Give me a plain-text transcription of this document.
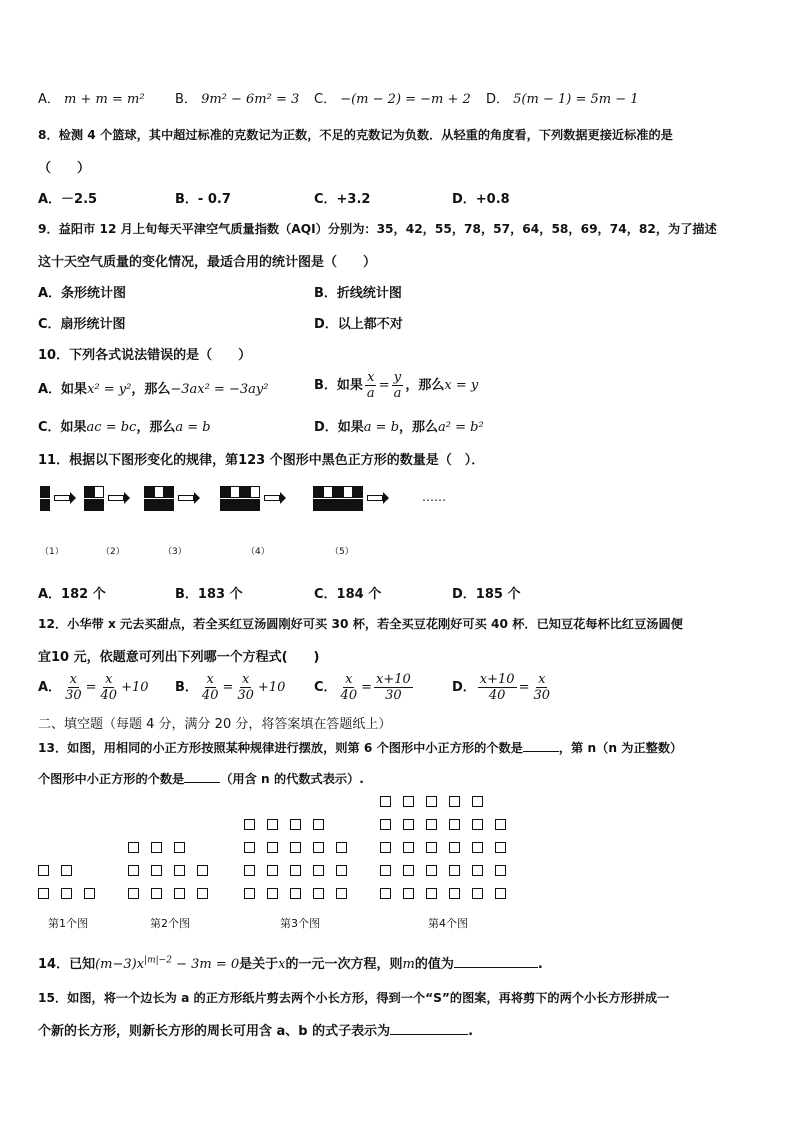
A． m + m = m² B． 9m² − 6m² = 3 C． −(m − 2) = −m + 2 D． 5(m − 1) = 5m − 1
8．检测 4 个篮球，其中超过标准的克数记为正数，不足的克数记为负数．从轻重的角度看，下列数据更接近标准的是
（　　）
A．－2.5	B．- 0.7	C．+3.2	D．+0.8
9．益阳市 12 月上旬每天平津空气质量指数（AQI）分别为：35，42，55，78，57，64，58，69，74，82，为了描述
这十天空气质量的变化情况，最适合用的统计图是（　　）
A．条形统计图	B．折线统计图
C．扇形统计图	D．以上都不对
10．下列各式说法错误的是（　　）
A．如果x² = y²，那么−3ax² = −3ay²	B．如果 $\frac{x}{a} = \frac{y}{a}$ ，那么x = y
C．如果ac = bc，那么a = b	D．如果a = b，那么a² = b²
11．根据以下图形变化的规律，第123 个图形中黑色正方形的数量是（　）．
……
（1）	（2）	（3）	（4）	（5）
A．182 个	B．183 个	C．184 个	D．185 个
12．小华带 x 元去买甜点，若全买红豆汤圆刚好可买 30 杯，若全买豆花刚好可买 40 杯．已知豆花每杯比红豆汤圆便
宜10 元，依题意可列出下列哪一个方程式(　　)
A． $\frac{x}{30} = \frac{x}{40} +10$ B． $\frac{x}{40} = \frac{x}{30} +10$ C． $\frac{x}{40} = \frac{x+10}{30}$	D． $\frac{x+10}{40} = \frac{x}{30}$
二、填空题（每题 4 分，满分 20 分，将答案填在答题纸上）
13．如图，用相同的小正方形按照某种规律进行摆放，则第 6 个图形中小正方形的个数是	，第 n（n 为正整数）
个图形中小正方形的个数是	（用含 n 的代数式表示）.
第1个图	第2个图	第3个图	第4个图
14．已知$(m-3)x^{|m|-2} - 3m = 0$是关于x的一元一次方程，则m的值为	.
15．如图，将一个边长为 a 的正方形纸片剪去两个小长方形，得到一个“S”的图案，再将剪下的两个小长方形拼成一
个新的长方形，则新长方形的周长可用含 a、b 的式子表示为	.
